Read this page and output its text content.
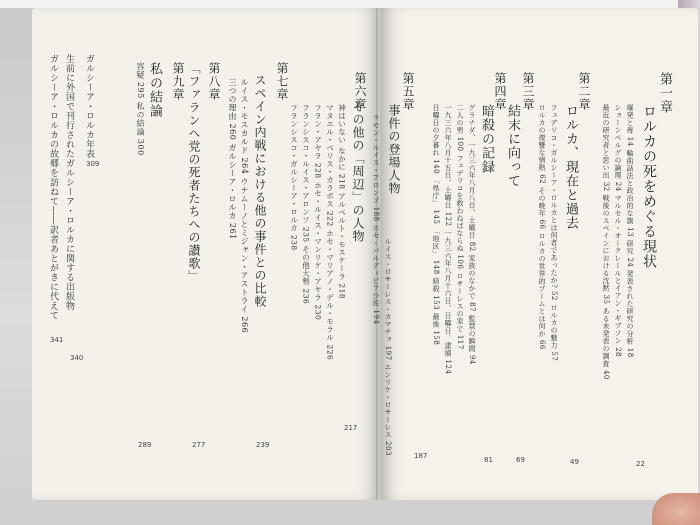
ガルシーア・ロルカの故郷を訪ねて――訳者あとがきに代えて
341
生前に外国で刊行されたガルシーア・ロルカに関する出版物
340
ガルシーア・ロルカ年表
309
私の結論
容疑 295 私の結論 300
289
第九章 「ファランヘ党の死者たちへの讃歌」
277
第八章 三つの理由 260 ガルシーア・ロルカ 261 ルイス・モスカルド 264 ウナムーノとミジャン・アストライ 266 スペイン内戦における他の事件との比較
239
第七章
フランシスコ・ガルシーア・ロルカ 238 フランシスコ・ルイス・アロンソ 235 その他大勢 236 フラン・アヤラ 228 ホセ・ルイス・マンリケ・アヤラ 230 マヌエル・ベリス・カラボス 222 ホセ・マリアノ・デル・モラル 226 神はいない なかに 218 アルベルト・モスケーラ 218 その他の「周辺」の人物
217
第六章	第五章
事件の登場人物
ラモン・ルイス・アロンソ 188 ホセ・バルディビア少佐 194
ルイス・ロサーレス・カマチョ 197 エンリケ・ロサーレス 203
187
日曜日の夕暮れ 140 「県庁」 145 「地区」 148 暗殺 153 最後 158 一九三六年八月十五日、土曜日 122 一九三六年八月十六日、日曜日、逮捕 124 二人の男 100 フェデリコを救わねばならぬ 106 ロサーレスの家で 117 グラナダ、一九三六年八月八日、土曜日 82 家族のなかで 87 監禁の瞬間 94 暗殺の記録
第四章
81
結末に向って
第三章
69
ロルカの復讐な情熱 62 その晩年 66 ロルカの世界的ブームとは何か 66 フェデリコ・ガルシーア・ロルカとは何者であったか? 52 ロルカの魅力 57 ロルカ、現在と過去
第二章
49
最近の研究者と思い出 32 戦後のスペインにおける沈黙 35 ある未発表の調査 40 ショーンベルグの論理 24 マルセル・オークレールとイアン・ギブソン 28 爆発と毒 14 輪曲話法と政治的な旗 13 研究 24 発表された研究の分析 18 ロルカの死をめぐる現状
第一章
22
